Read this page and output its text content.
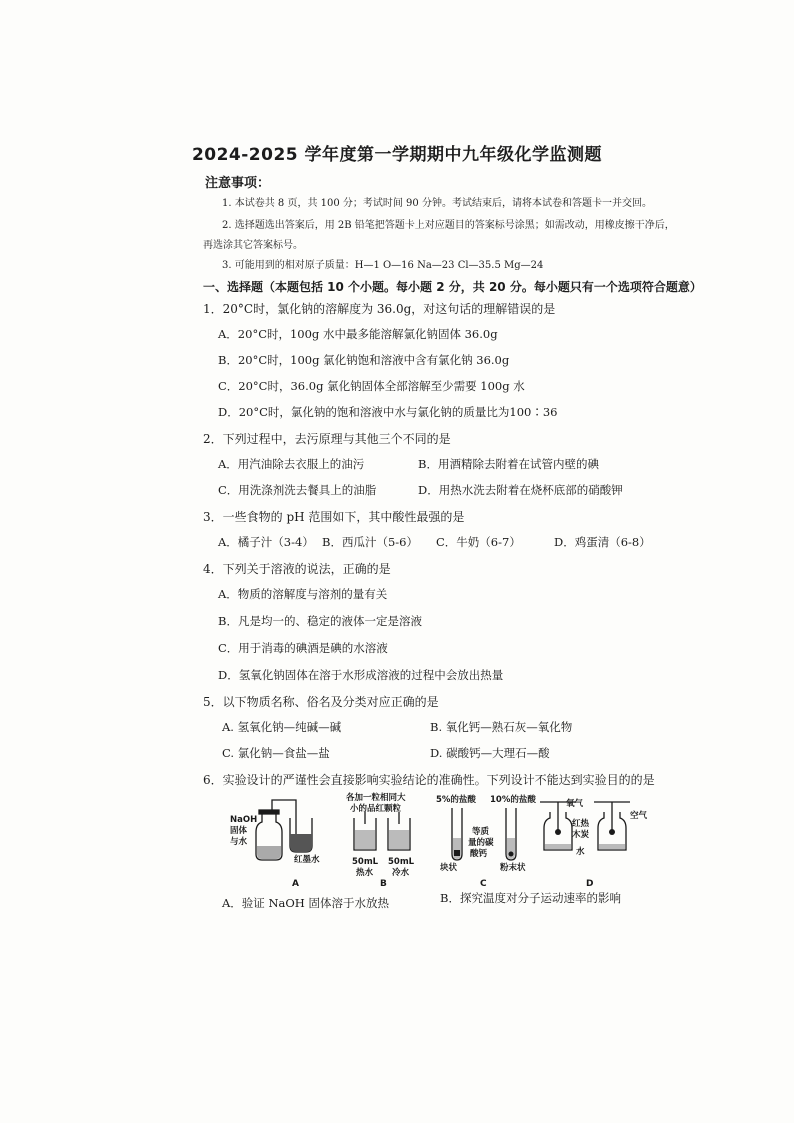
2024-2025 学年度第一学期期中九年级化学监测题
注意事项：
1. 本试卷共 8 页，共 100 分；考试时间 90 分钟。考试结束后，请将本试卷和答题卡一并交回。
2. 选择题选出答案后，用 2B 铅笔把答题卡上对应题目的答案标号涂黑；如需改动，用橡皮擦干净后，
再选涂其它答案标号。
3. 可能用到的相对原子质量：H—1 O—16 Na—23 Cl—35.5 Mg—24
一、选择题（本题包括 10 个小题。每小题 2 分，共 20 分。每小题只有一个选项符合题意）
1．20°C时，氯化钠的溶解度为 36.0g，对这句话的理解错误的是
A．20°C时，100g 水中最多能溶解氯化钠固体 36.0g
B．20°C时，100g 氯化钠饱和溶液中含有氯化钠 36.0g
C．20°C时，36.0g 氯化钠固体全部溶解至少需要 100g 水
D．20°C时，氯化钠的饱和溶液中水与氯化钠的质量比为100∶36
2．下列过程中，去污原理与其他三个不同的是
A．用汽油除去衣服上的油污	B．用酒精除去附着在试管内壁的碘
C．用洗涤剂洗去餐具上的油脂	D．用热水洗去附着在烧杯底部的硝酸钾
3．一些食物的 pH 范围如下，其中酸性最强的是
A．橘子汁（3-4） B．西瓜汁（5-6） C．牛奶（6-7）	D．鸡蛋清（6-8）
4．下列关于溶液的说法，正确的是
A．物质的溶解度与溶剂的量有关
B．凡是均一的、稳定的液体一定是溶液
C．用于消毒的碘酒是碘的水溶液
D．氢氧化钠固体在溶于水形成溶液的过程中会放出热量
5．以下物质名称、俗名及分类对应正确的是
A. 氢氧化钠—纯碱—碱	B. 氧化钙—熟石灰—氧化物
C. 氯化钠—食盐—盐	D. 碳酸钙—大理石—酸
6．实验设计的严谨性会直接影响实验结论的准确性。下列设计不能达到实验目的的是
NaOH
固体
与水
红墨水
A
各加一粒相同大
小的品红颗粒
50mL
热水
50mL
冷水
B
5%的盐酸 10%的盐酸
等质
量的碳
酸钙
块状	粉末状
C
氧气
空气
红热
木炭
水
D
A．验证 NaOH 固体溶于水放热	B．探究温度对分子运动速率的影响
